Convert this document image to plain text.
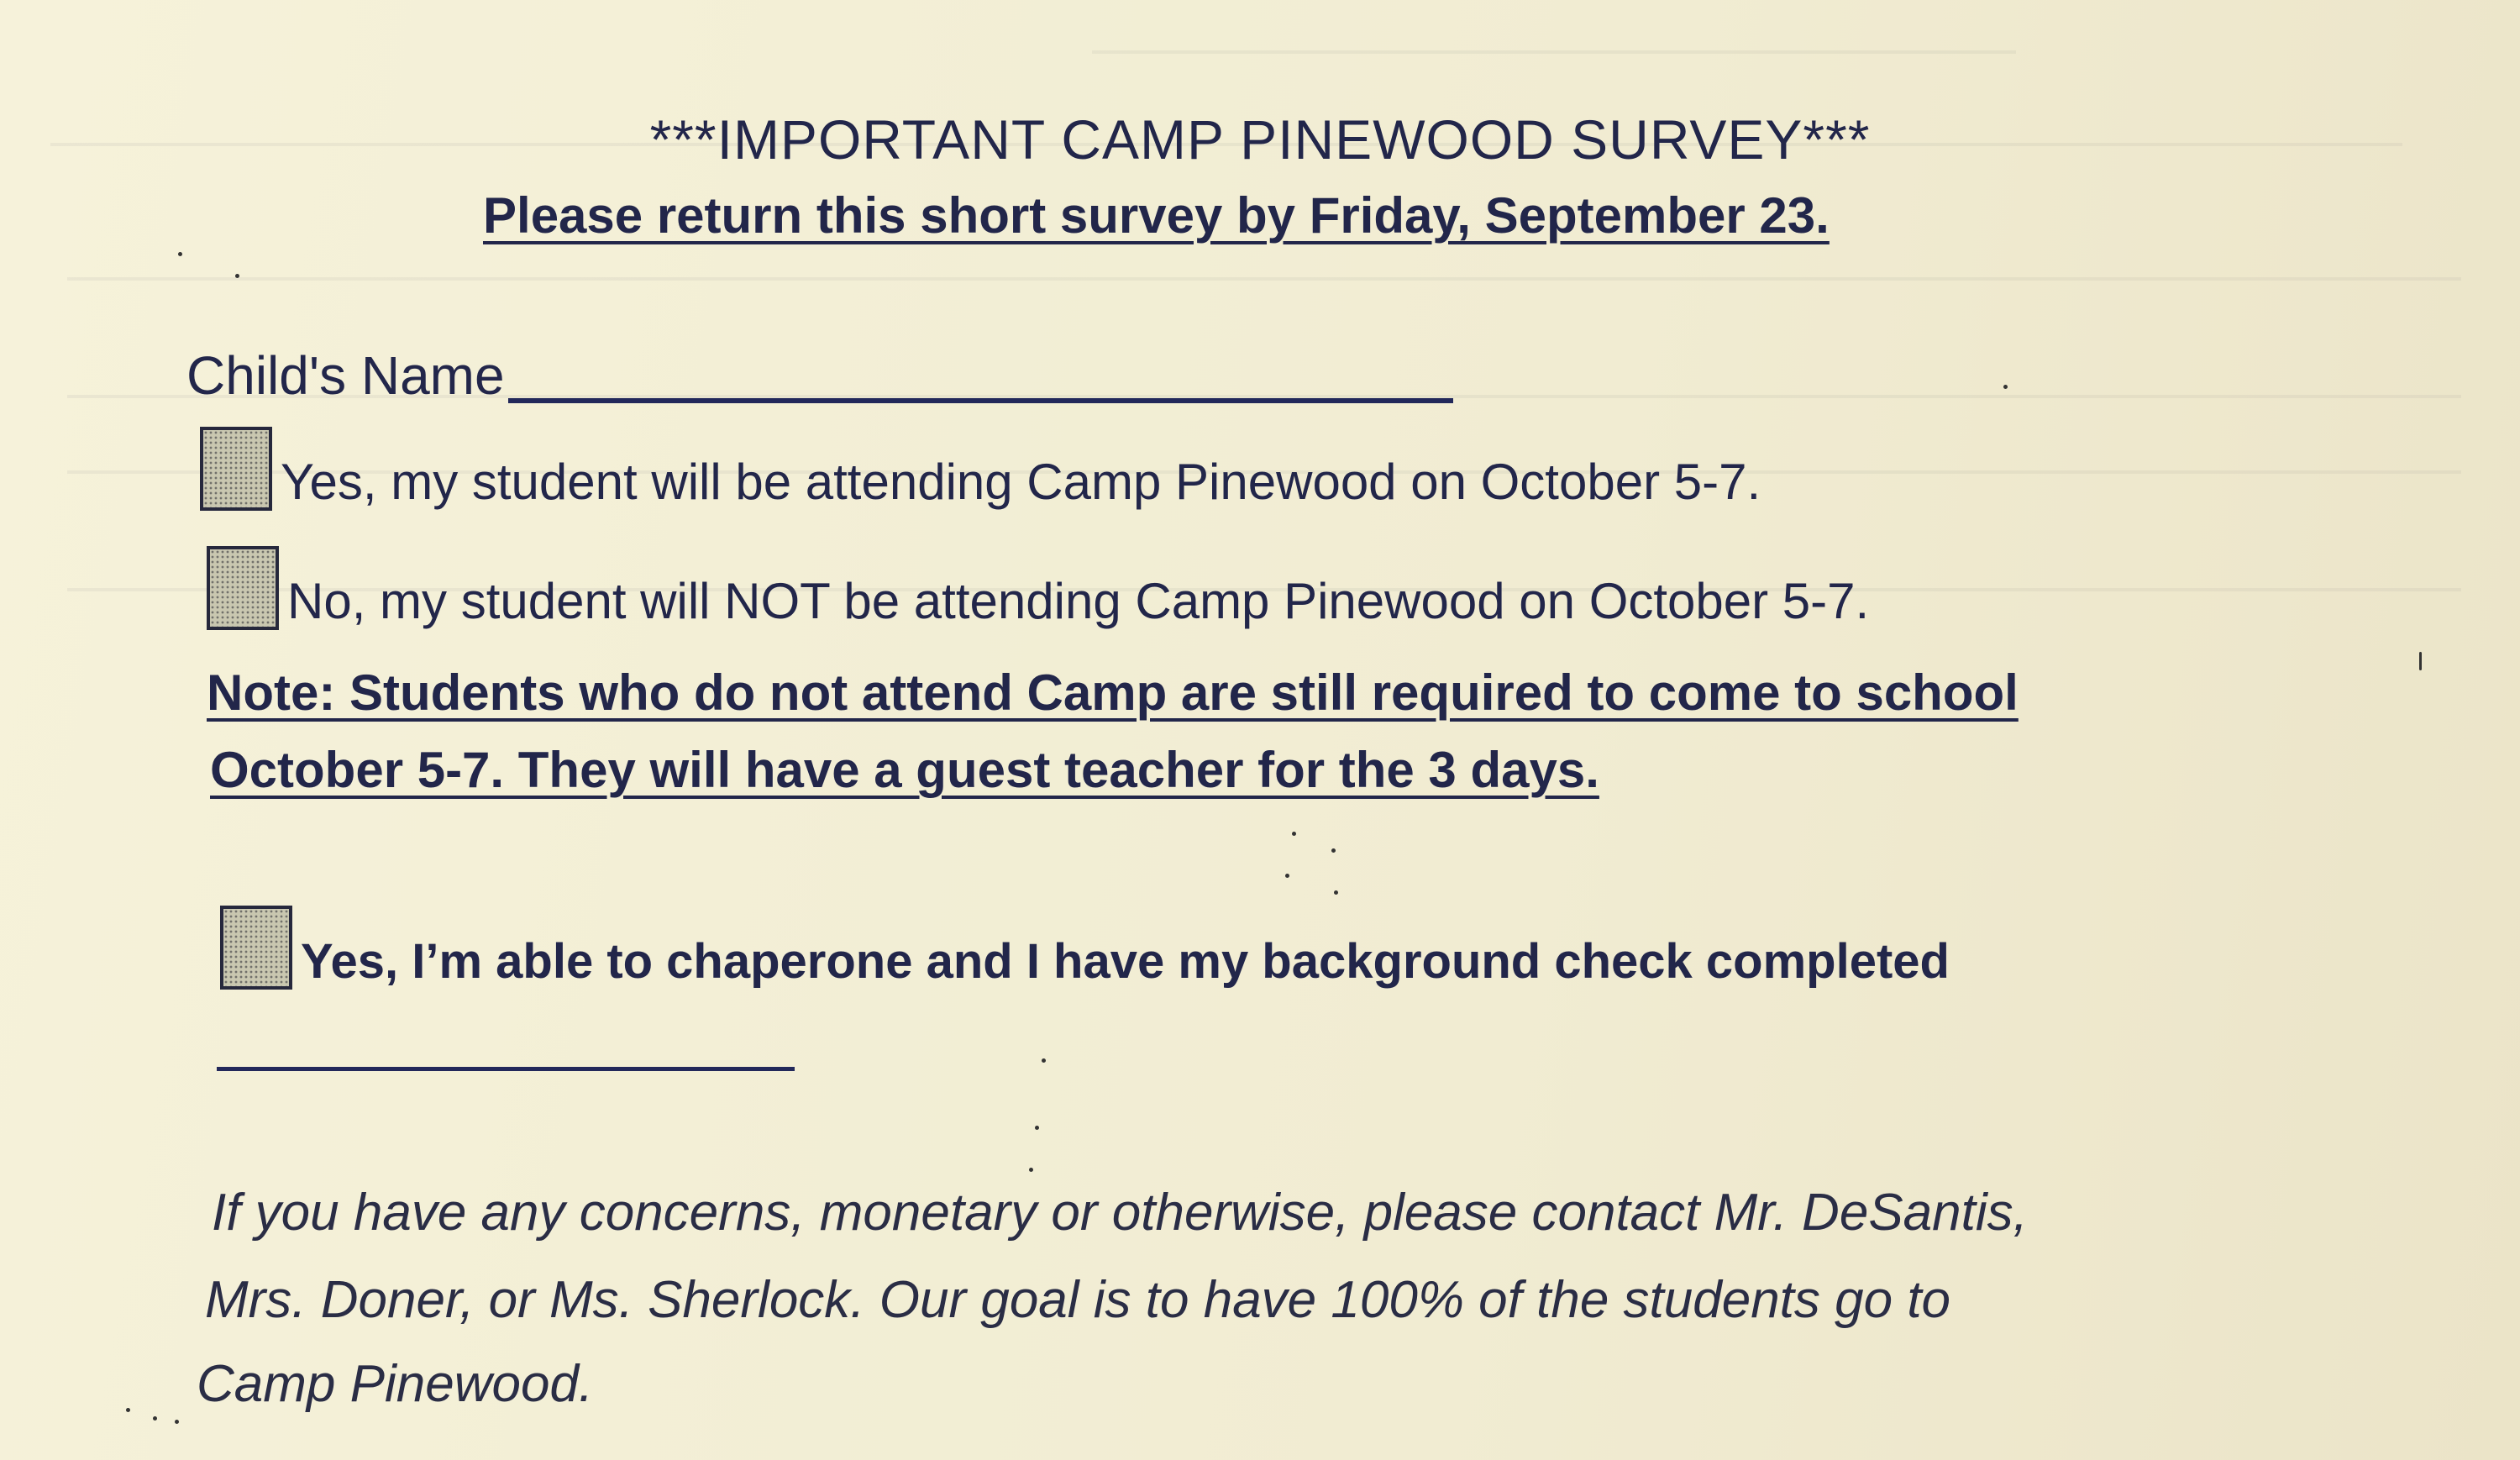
***IMPORTANT CAMP PINEWOOD SURVEY***
Please return this short survey by Friday, September 23.
Child's Name
Yes, my student will be attending Camp Pinewood on October 5-7.
No, my student will NOT be attending Camp Pinewood on October 5-7.
Note: Students who do not attend Camp are still required to come to school
October 5-7. They will have a guest teacher for the 3 days.
Yes, I’m able to chaperone and I have my background check completed
If you have any concerns, monetary or otherwise, please contact Mr. DeSantis,
Mrs. Doner, or Ms. Sherlock. Our goal is to have 100% of the students go to
Camp Pinewood.
